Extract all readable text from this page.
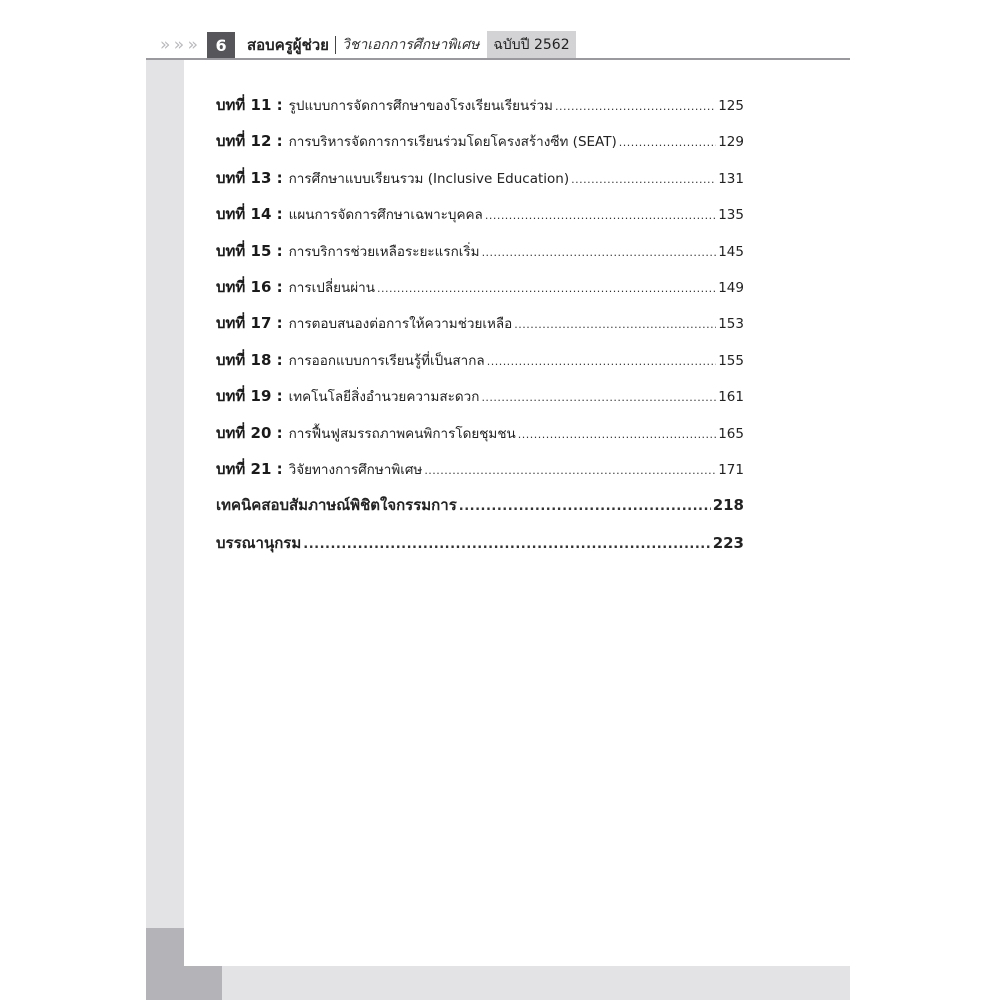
» » »	6	สอบครูผู้ช่วย วิชาเอกการศึกษาพิเศษ	ฉบับปี 2562
บทที่ 11 : รูปแบบการจัดการศึกษาของโรงเรียนเรียนร่วม .....	125
บทที่ 12 : การบริหารจัดการการเรียนร่วมโดยโครงสร้างซีท (SEAT) .....	129
บทที่ 13 : การศึกษาแบบเรียนรวม (Inclusive Education) .....	131
บทที่ 14 : แผนการจัดการศึกษาเฉพาะบุคคล .....	135
บทที่ 15 : การบริการช่วยเหลือระยะแรกเริ่ม .....	145
บทที่ 16 : การเปลี่ยนผ่าน .....	149
บทที่ 17 : การตอบสนองต่อการให้ความช่วยเหลือ .....	153
บทที่ 18 : การออกแบบการเรียนรู้ที่เป็นสากล .....	155
บทที่ 19 : เทคโนโลยีสิ่งอำนวยความสะดวก .....	161
บทที่ 20 : การฟื้นฟูสมรรถภาพคนพิการโดยชุมชน .....	165
บทที่ 21 : วิจัยทางการศึกษาพิเศษ .....	171
เทคนิคสอบสัมภาษณ์พิชิตใจกรรมการ .....	218
บรรณานุกรม .....	223
